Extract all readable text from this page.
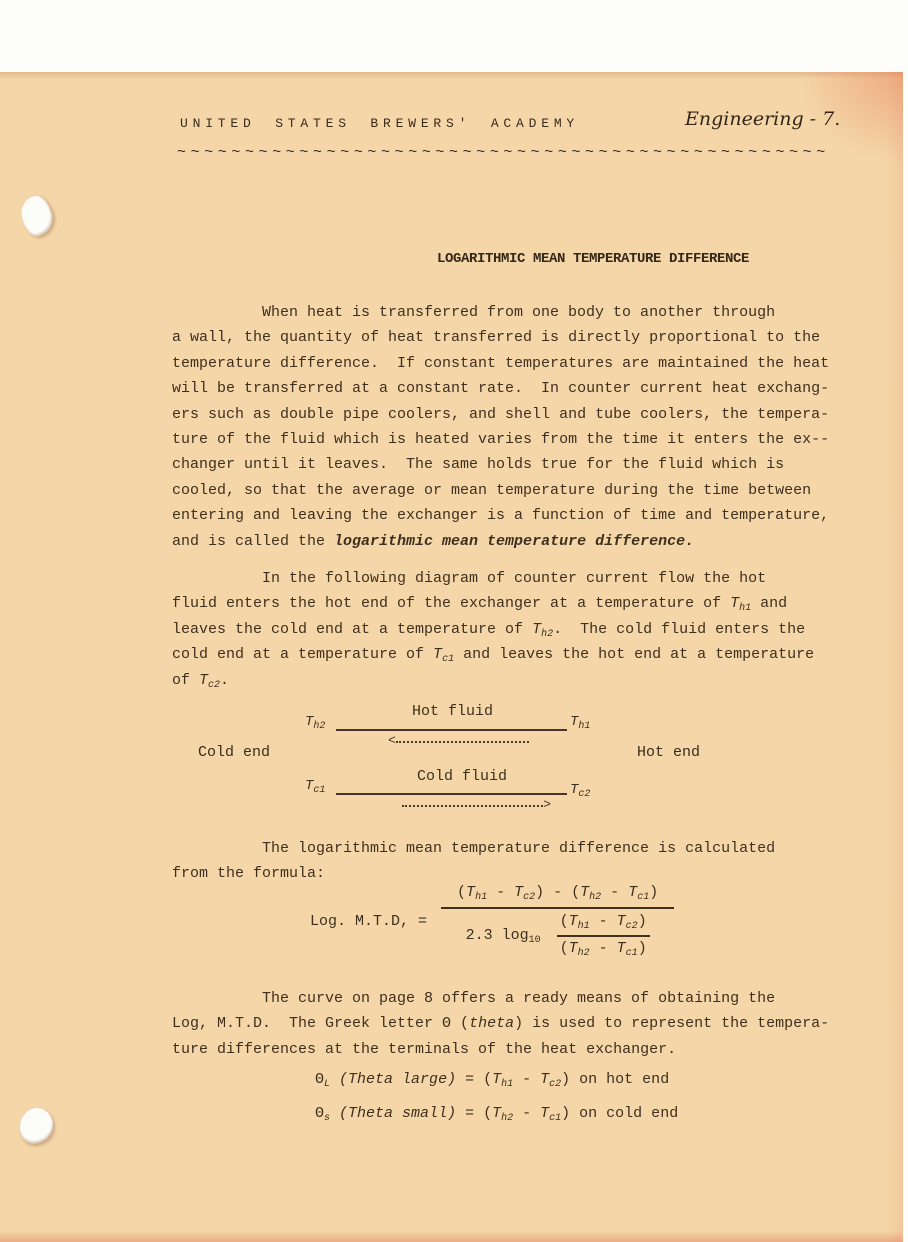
UNITED STATES BREWERS' ACADEMY	Engineering - 7.
~~~~~~~~~~~~~~~~~~~~~~~~~~~~~~~~~~~~~~~~~~~~~~~~
LOGARITHMIC MEAN TEMPERATURE DIFFERENCE
When heat is transferred from one body to another through
a wall, the quantity of heat transferred is directly proportional to the
temperature difference.  If constant temperatures are maintained the heat
will be transferred at a constant rate.  In counter current heat exchang-
ers such as double pipe coolers, and shell and tube coolers, the tempera-
ture of the fluid which is heated varies from the time it enters the ex--
changer until it leaves.  The same holds true for the fluid which is
cooled, so that the average or mean temperature during the time between
entering and leaving the exchanger is a function of time and temperature,
and is called the logarithmic mean temperature difference.
In the following diagram of counter current flow the hot
fluid enters the hot end of the exchanger at a temperature of $T_{h1}$ and
leaves the cold end at a temperature of $T_{h2}$.  The cold fluid enters the
cold end at a temperature of $T_{c1}$ and leaves the hot end at a temperature
of $T_{c2}$.
$T_{h2}$
Hot fluid
$T_{h1}$
<
Cold end	Hot end
$T_{c1}$
Cold fluid
$T_{c2}$
>
The logarithmic mean temperature difference is calculated
from the formula:
Log. M.T.D, =
$(T_{h1} - T_{c2}) - (T_{h2} - T_{c1})$
2.3 $\log_{10} \frac{(T_{h1} - T_{c2})}{(T_{h2} - T_{c1})}$
The curve on page 8 offers a ready means of obtaining the
Log, M.T.D.  The Greek letter Θ (theta) is used to represent the tempera-
ture differences at the terminals of the heat exchanger.
$\Theta_L$ (Theta large) = $(T_{h1} - T_{c2})$ on hot end
$\Theta_s$ (Theta small) = $(T_{h2} - T_{c1})$ on cold end
